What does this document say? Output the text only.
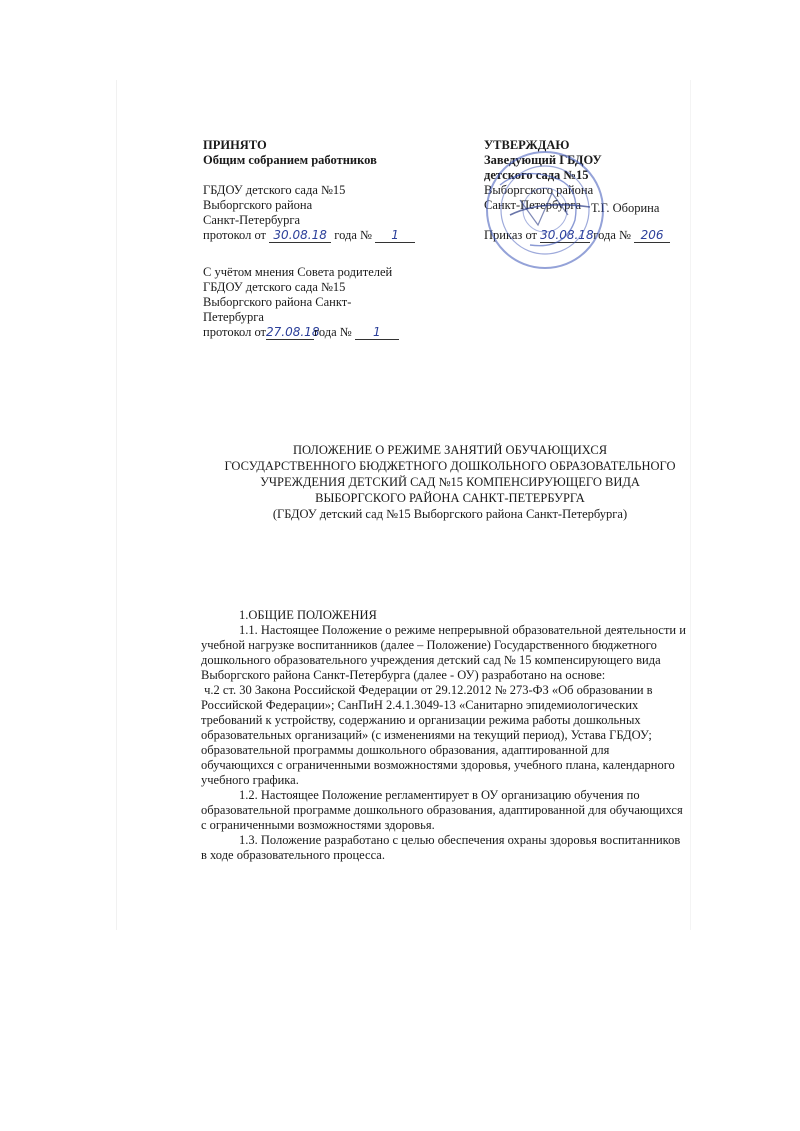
ПРИНЯТО
Общим собранием работников
ГБДОУ детского сада №15
Выборгского района
Санкт-Петербурга
протокол от 30.08.18 года № 1
УТВЕРЖДАЮ
Заведующий ГБДОУ
детского сада №15
Выборгского района
Санкт-Петербурга
Приказ от 30.08.18 года № 206
Т.Г. Оборина
С учётом мнения Совета родителей
ГБДОУ детского сада №15
Выборгского района Санкт-
Петербурга
протокол от27.08.18года № 1
ПОЛОЖЕНИЕ О РЕЖИМЕ ЗАНЯТИЙ ОБУЧАЮЩИХСЯ
ГОСУДАРСТВЕННОГО БЮДЖЕТНОГО ДОШКОЛЬНОГО ОБРАЗОВАТЕЛЬНОГО
УЧРЕЖДЕНИЯ ДЕТСКИЙ САД №15 КОМПЕНСИРУЮЩЕГО ВИДА
ВЫБОРГСКОГО РАЙОНА САНКТ-ПЕТЕРБУРГА
(ГБДОУ детский сад №15 Выборгского района Санкт-Петербурга)
1.ОБЩИЕ ПОЛОЖЕНИЯ
1.1. Настоящее Положение о режиме непрерывной образовательной деятельности и
учебной нагрузке воспитанников (далее – Положение) Государственного бюджетного
дошкольного образовательного учреждения детский сад № 15 компенсирующего вида
Выборгского района Санкт-Петербурга (далее - ОУ) разработано на основе:
ч.2 ст. 30 Закона Российской Федерации от 29.12.2012 № 273-ФЗ «Об образовании в
Российской Федерации»; СанПиН 2.4.1.3049-13 «Санитарно эпидемиологических
требований к устройству, содержанию и организации режима работы дошкольных
образовательных организаций» (с изменениями на текущий период), Устава ГБДОУ;
образовательной программы дошкольного образования, адаптированной для
обучающихся с ограниченными возможностями здоровья, учебного плана, календарного
учебного графика.
1.2. Настоящее Положение регламентирует в ОУ организацию обучения по
образовательной программе дошкольного образования, адаптированной для обучающихся
с ограниченными возможностями здоровья.
1.3. Положение разработано с целью обеспечения охраны здоровья воспитанников
в ходе образовательного процесса.
